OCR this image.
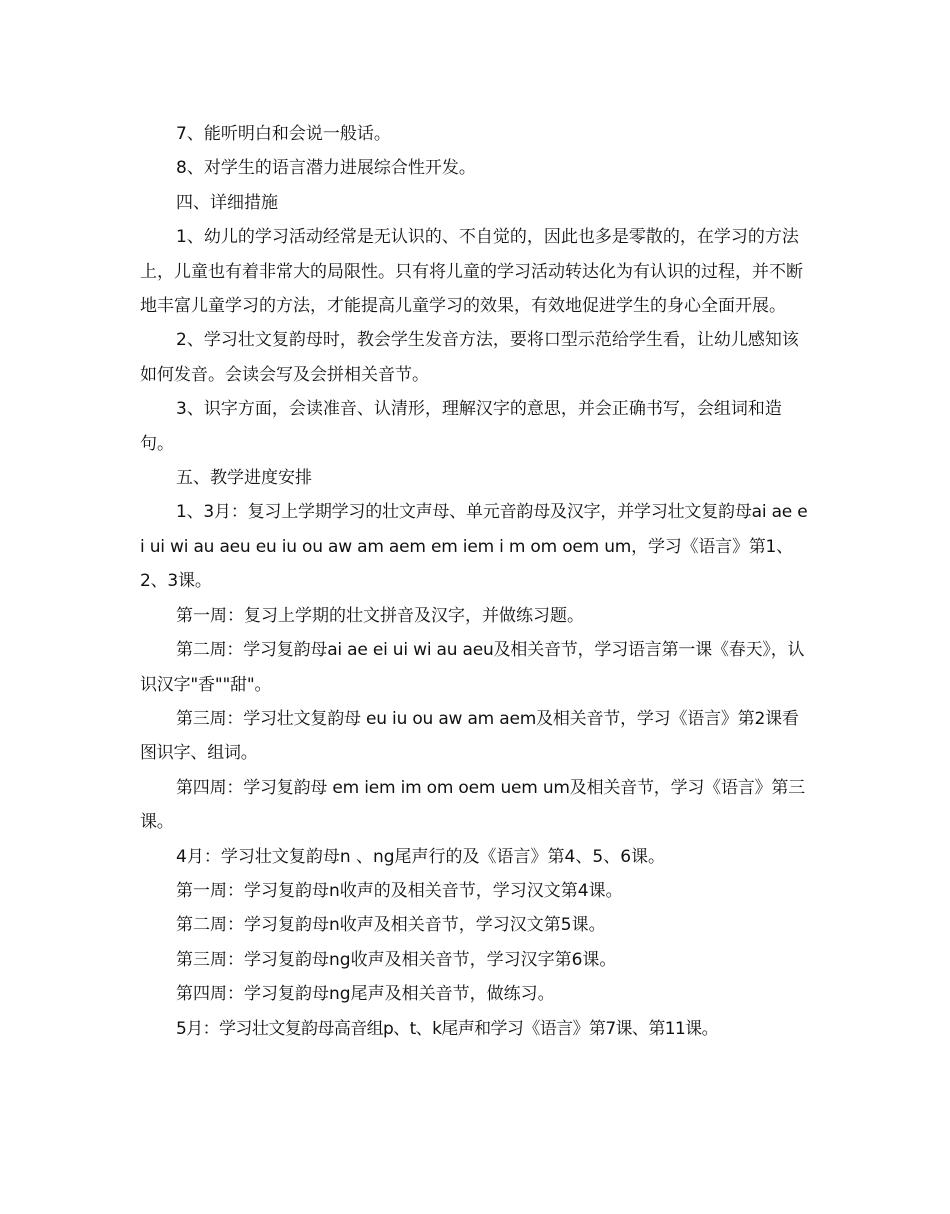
7、能听明白和会说一般话。

8、对学生的语言潜力进展综合性开发。

四、详细措施

1、幼儿的学习活动经常是无认识的、不自觉的，因此也多是零散的，在学习的方法上，儿童也有着非常大的局限性。只有将儿童的学习活动转达化为有认识的过程，并不断地丰富儿童学习的方法，才能提高儿童学习的效果，有效地促进学生的身心全面开展。

2、学习壮文复韵母时，教会学生发音方法，要将口型示范给学生看，让幼儿感知该如何发音。会读会写及会拼相关音节。

3、识字方面，会读准音、认清形，理解汉字的意思，并会正确书写，会组词和造句。

五、教学进度安排

1、3月：复习上学期学习的壮文声母、单元音韵母及汉字，并学习壮文复韵母ai ae ei ui wi au aeu eu iu ou aw am aem em iem i m om oem um，学习《语言》第1、2、3课。

第一周：复习上学期的壮文拼音及汉字，并做练习题。

第二周：学习复韵母ai ae ei ui wi au aeu及相关音节，学习语言第一课《春天》，认识汉字"香""甜"。

第三周：学习壮文复韵母 eu iu ou aw am aem及相关音节，学习《语言》第2课看图识字、组词。

第四周：学习复韵母 em iem im om oem uem um及相关音节，学习《语言》第三课。

4月：学习壮文复韵母n 、ng尾声行的及《语言》第4、5、6课。

第一周：学习复韵母n收声的及相关音节，学习汉文第4课。

第二周：学习复韵母n收声及相关音节，学习汉文第5课。

第三周：学习复韵母ng收声及相关音节，学习汉字第6课。

第四周：学习复韵母ng尾声及相关音节，做练习。

5月：学习壮文复韵母高音组p、t、k尾声和学习《语言》第7课、第11课。
